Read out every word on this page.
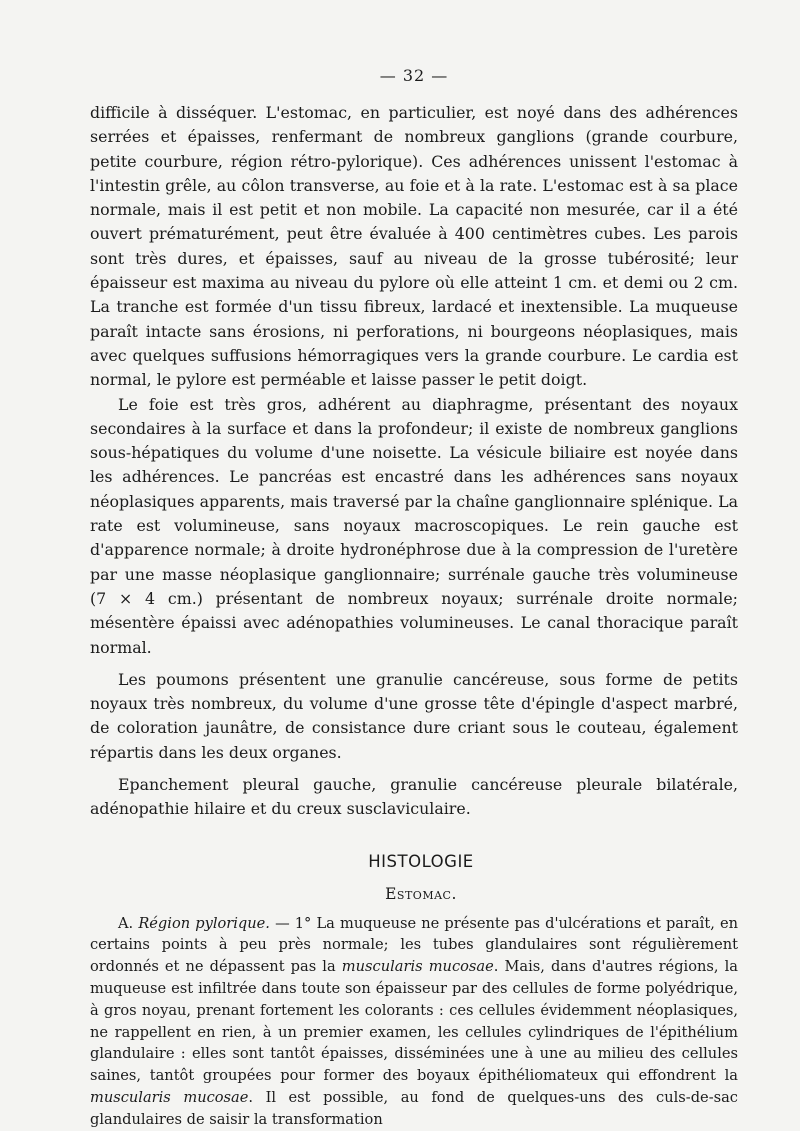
— 32 —

difficile à disséquer. L'estomac, en particulier, est noyé dans des adhérences serrées et épaisses, renfermant de nombreux ganglions (grande courbure, petite courbure, région rétro-pylorique). Ces adhérences unissent l'estomac à l'intestin grêle, au côlon transverse, au foie et à la rate. L'estomac est à sa place normale, mais il est petit et non mobile. La capacité non mesurée, car il a été ouvert prématurément, peut être évaluée à 400 centimètres cubes. Les parois sont très dures, et épaisses, sauf au niveau de la grosse tubérosité; leur épaisseur est maxima au niveau du pylore où elle atteint 1 cm. et demi ou 2 cm. La tranche est formée d'un tissu fibreux, lardacé et inextensible. La muqueuse paraît intacte sans érosions, ni perforations, ni bourgeons néoplasiques, mais avec quelques suffusions hémorragiques vers la grande courbure. Le cardia est normal, le pylore est perméable et laisse passer le petit doigt.

Le foie est très gros, adhérent au diaphragme, présentant des noyaux secondaires à la surface et dans la profondeur; il existe de nombreux ganglions sous-hépatiques du volume d'une noisette. La vésicule biliaire est noyée dans les adhérences. Le pancréas est encastré dans les adhérences sans noyaux néoplasiques apparents, mais traversé par la chaîne ganglionnaire splénique. La rate est volumineuse, sans noyaux macroscopiques. Le rein gauche est d'apparence normale; à droite hydronéphrose due à la compression de l'uretère par une masse néoplasique ganglionnaire; surrénale gauche très volumineuse (7 × 4 cm.) présentant de nombreux noyaux; surrénale droite normale; mésentère épaissi avec adénopathies volumineuses. Le canal thoracique paraît normal.

Les poumons présentent une granulie cancéreuse, sous forme de petits noyaux très nombreux, du volume d'une grosse tête d'épingle d'aspect marbré, de coloration jaunâtre, de consistance dure criant sous le couteau, également répartis dans les deux organes.

Epanchement pleural gauche, granulie cancéreuse pleurale bilatérale, adénopathie hilaire et du creux susclaviculaire.

HISTOLOGIE
Estomac.

A. Région pylorique. — 1° La muqueuse ne présente pas d'ulcérations et paraît, en certains points à peu près normale; les tubes glandulaires sont régulièrement ordonnés et ne dépassent pas la muscularis mucosae. Mais, dans d'autres régions, la muqueuse est infiltrée dans toute son épaisseur par des cellules de forme polyédrique, à gros noyau, prenant fortement les colorants : ces cellules évidemment néoplasiques, ne rappellent en rien, à un premier examen, les cellules cylindriques de l'épithélium glandulaire : elles sont tantôt épaisses, disséminées une à une au milieu des cellules saines, tantôt groupées pour former des boyaux épithéliomateux qui effondrent la muscularis mucosae. Il est possible, au fond de quelques-uns des culs-de-sac glandulaires de saisir la transformation
